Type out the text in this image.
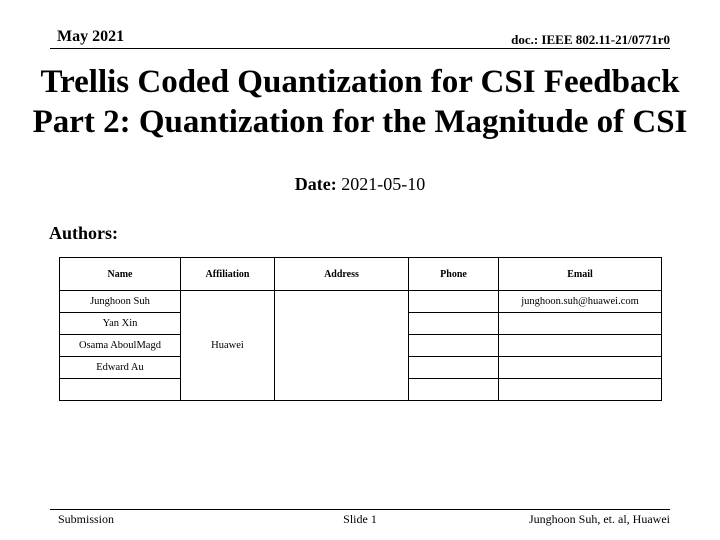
May 2021	doc.: IEEE 802.11-21/0771r0
Trellis Coded Quantization for CSI Feedback
Part 2: Quantization for the Magnitude of CSI
Date: 2021-05-10
Authors:
Name	Affiliation	Address	Phone	Email
Junghoon Suh	Huawei			junghoon.suh@huawei.com
Yan Xin				
Osama AboulMagd				
Edward Au				

Submission	Slide 1	Junghoon Suh, et. al, Huawei
